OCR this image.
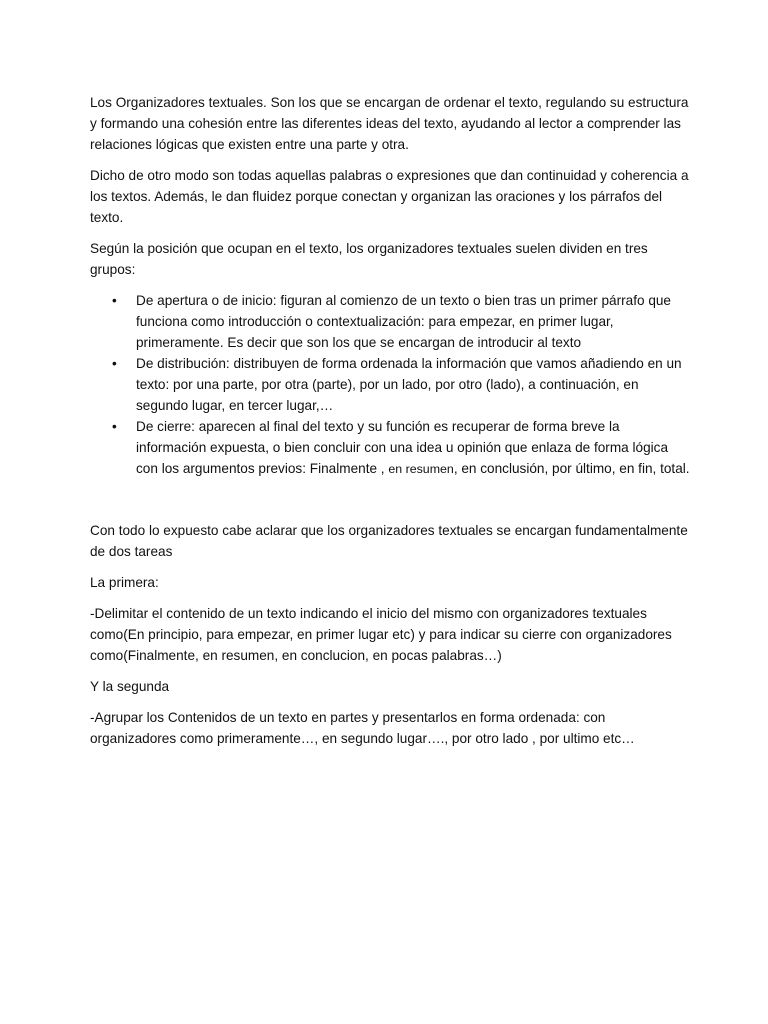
Los Organizadores textuales. Son los que se encargan de ordenar el texto, regulando su estructura y formando una cohesión entre las diferentes ideas del texto, ayudando al lector a comprender las relaciones lógicas que existen entre una parte y otra.

Dicho de otro modo son todas aquellas palabras o expresiones que dan continuidad y coherencia a los textos. Además, le dan fluidez porque conectan y organizan las oraciones y los párrafos del texto.

Según la posición que ocupan en el texto, los organizadores textuales suelen dividen en tres grupos:

• De apertura o de inicio: figuran al comienzo de un texto o bien tras un primer párrafo que funciona como introducción o contextualización: para empezar, en primer lugar, primeramente. Es decir que son los que se encargan de introducir al texto
• De distribución: distribuyen de forma ordenada la información que vamos añadiendo en un texto: por una parte, por otra (parte), por un lado, por otro (lado), a continuación, en segundo lugar, en tercer lugar,…
• De cierre: aparecen al final del texto y su función es recuperar de forma breve la información expuesta, o bien concluir con una idea u opinión que enlaza de forma lógica con los argumentos previos: Finalmente , en resumen, en conclusión, por último, en fin, total.

Con todo lo expuesto cabe aclarar que los organizadores textuales se encargan fundamentalmente de dos tareas

La primera:

-Delimitar el contenido de un texto indicando el inicio del mismo con organizadores textuales como(En principio, para empezar, en primer lugar etc) y para indicar su cierre con organizadores como(Finalmente, en resumen, en conclucion, en pocas palabras…)

Y la segunda

-Agrupar los Contenidos de un texto en partes y presentarlos en forma ordenada: con organizadores como primeramente…, en segundo lugar…., por otro lado , por ultimo etc…
